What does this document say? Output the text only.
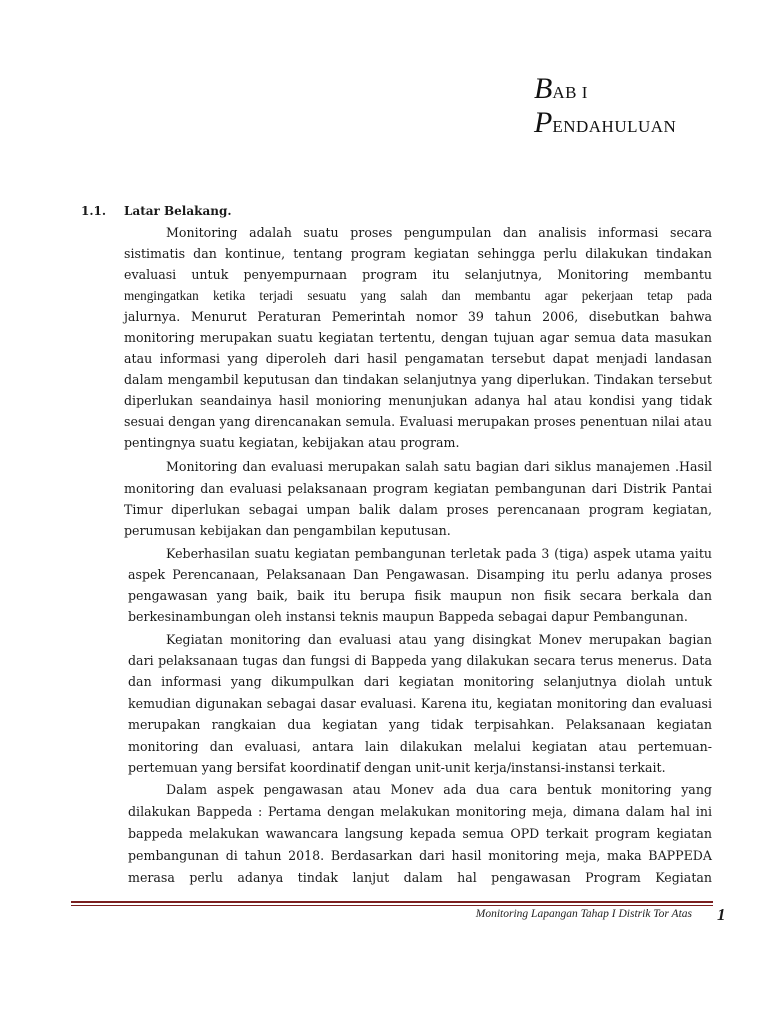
BAB I
PENDAHULUAN
1.1. Latar Belakang.
Monitoring adalah suatu proses pengumpulan dan analisis informasi secara
sistimatis dan kontinue, tentang program kegiatan sehingga perlu dilakukan tindakan
evaluasi untuk penyempurnaan program itu selanjutnya, Monitoring membantu
mengingatkan ketika terjadi sesuatu yang salah dan membantu agar pekerjaan tetap pada
jalurnya. Menurut Peraturan Pemerintah nomor 39 tahun 2006, disebutkan bahwa
monitoring merupakan suatu kegiatan tertentu, dengan tujuan agar semua data masukan
atau informasi yang diperoleh dari hasil pengamatan tersebut dapat menjadi landasan
dalam mengambil keputusan dan tindakan selanjutnya yang diperlukan. Tindakan tersebut
diperlukan seandainya hasil monioring menunjukan adanya hal atau kondisi yang tidak
sesuai dengan yang direncanakan semula. Evaluasi merupakan proses penentuan nilai atau
pentingnya suatu kegiatan, kebijakan atau program.
Monitoring dan evaluasi merupakan salah satu bagian dari siklus manajemen .Hasil
monitoring dan evaluasi pelaksanaan program kegiatan pembangunan dari Distrik Pantai
Timur diperlukan sebagai umpan balik dalam proses perencanaan program kegiatan,
perumusan kebijakan dan pengambilan keputusan.
Keberhasilan suatu kegiatan pembangunan terletak pada 3 (tiga) aspek utama yaitu
aspek Perencanaan, Pelaksanaan Dan Pengawasan. Disamping itu perlu adanya proses
pengawasan yang baik, baik itu berupa fisik maupun non fisik secara berkala dan
berkesinambungan oleh instansi teknis maupun Bappeda sebagai dapur Pembangunan.
Kegiatan monitoring dan evaluasi atau yang disingkat Monev merupakan bagian
dari pelaksanaan tugas dan fungsi di Bappeda yang dilakukan secara terus menerus. Data
dan informasi yang dikumpulkan dari kegiatan monitoring selanjutnya diolah untuk
kemudian digunakan sebagai dasar evaluasi. Karena itu, kegiatan monitoring dan evaluasi
merupakan rangkaian dua kegiatan yang tidak terpisahkan. Pelaksanaan kegiatan
monitoring dan evaluasi, antara lain dilakukan melalui kegiatan atau pertemuan-
pertemuan yang bersifat koordinatif dengan unit-unit kerja/instansi-instansi terkait.
Dalam aspek pengawasan atau Monev ada dua cara bentuk monitoring yang
dilakukan Bappeda : Pertama dengan melakukan monitoring meja, dimana dalam hal ini
bappeda melakukan wawancara langsung kepada semua OPD terkait program kegiatan
pembangunan di tahun 2018. Berdasarkan dari hasil monitoring meja, maka BAPPEDA
merasa perlu adanya tindak lanjut dalam hal pengawasan Program Kegiatan
Monitoring Lapangan Tahap I Distrik Tor Atas 1
